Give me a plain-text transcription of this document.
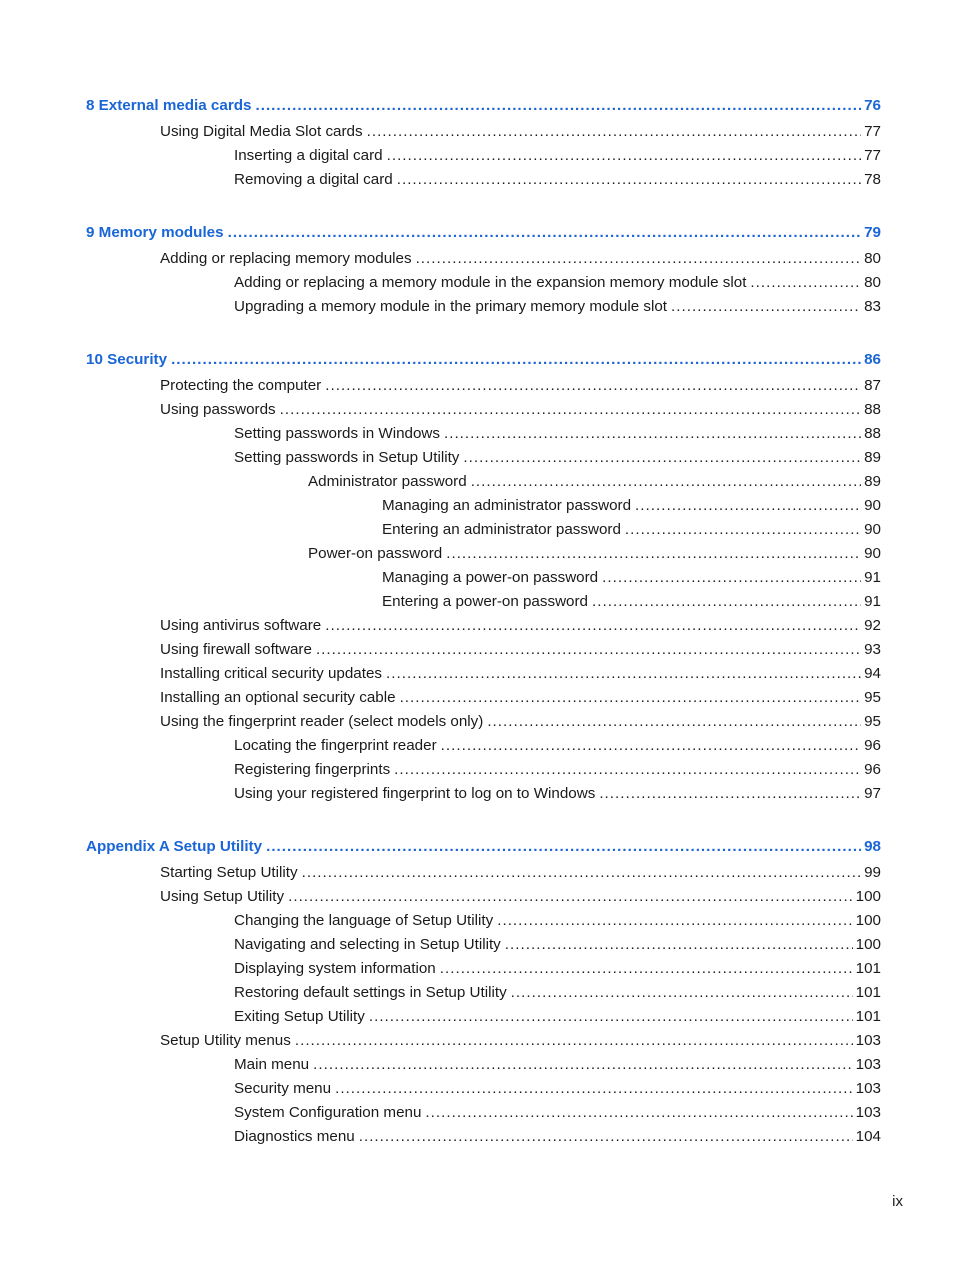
8 External media cards . . .	76
Using Digital Media Slot cards . . .	77
Inserting a digital card . . .	77
Removing a digital card . . .	78
9 Memory modules . . .	79
Adding or replacing memory modules . . .	80
Adding or replacing a memory module in the expansion memory module slot . . .	80
Upgrading a memory module in the primary memory module slot . . .	83
10 Security . . .	86
Protecting the computer . . .	87
Using passwords . . .	88
Setting passwords in Windows . . .	88
Setting passwords in Setup Utility . . .	89
Administrator password . . .	89
Managing an administrator password . . .	90
Entering an administrator password . . .	90
Power-on password . . .	90
Managing a power-on password . . .	91
Entering a power-on password . . .	91
Using antivirus software . . .	92
Using firewall software . . .	93
Installing critical security updates . . .	94
Installing an optional security cable . . .	95
Using the fingerprint reader (select models only) . . .	95
Locating the fingerprint reader . . .	96
Registering fingerprints . . .	96
Using your registered fingerprint to log on to Windows . . .	97
Appendix A Setup Utility . . .	98
Starting Setup Utility . . .	99
Using Setup Utility . . .	100
Changing the language of Setup Utility . . .	100
Navigating and selecting in Setup Utility . . .	100
Displaying system information . . .	101
Restoring default settings in Setup Utility . . .	101
Exiting Setup Utility . . .	101
Setup Utility menus . . .	103
Main menu . . .	103
Security menu . . .	103
System Configuration menu . . .	103
Diagnostics menu . . .	104
ix
